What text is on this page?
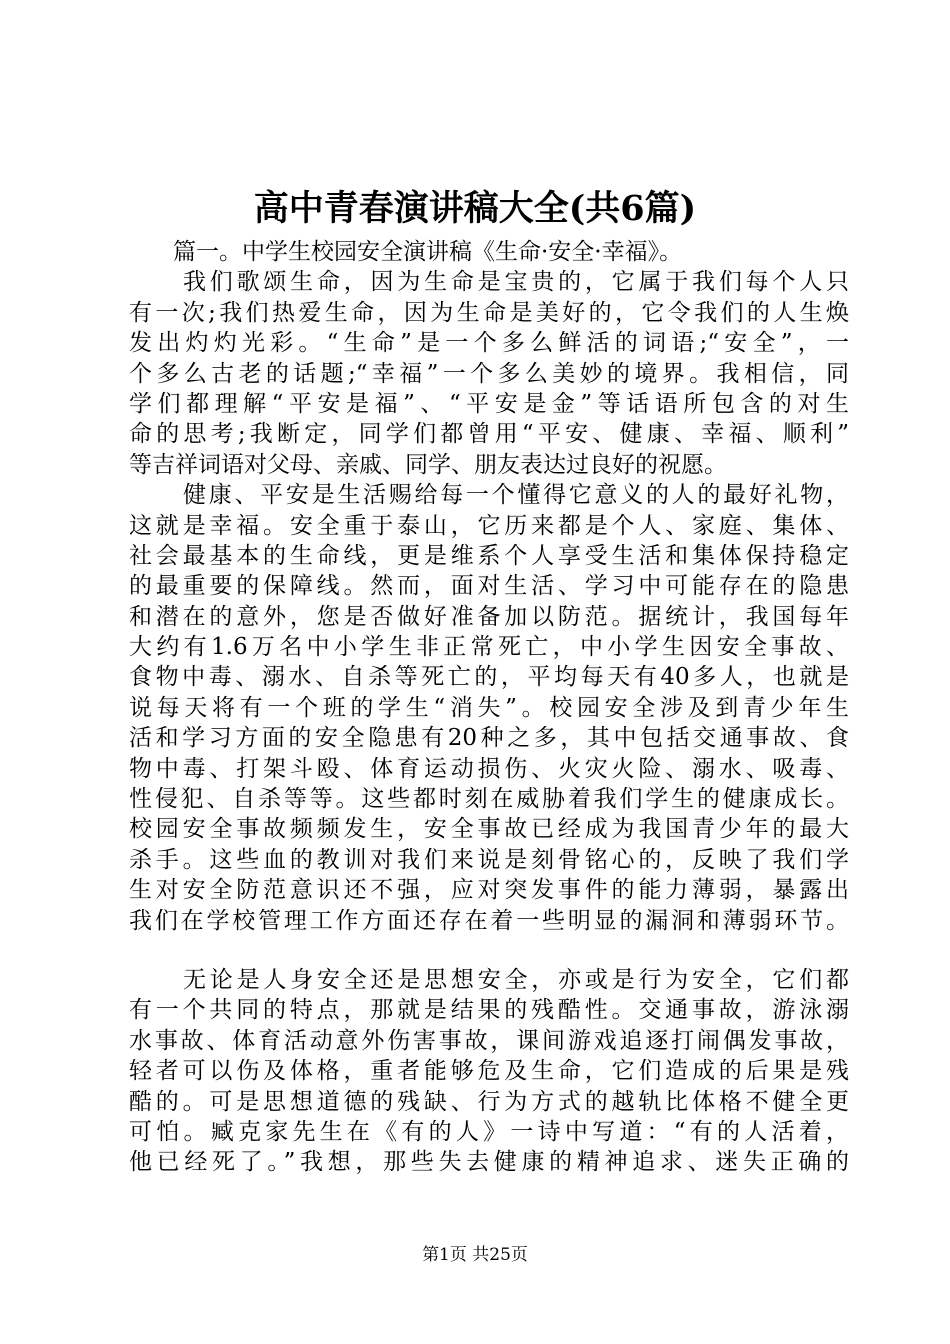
高中青春演讲稿大全(共6篇)
篇一。中学生校园安全演讲稿《生命·安全·幸福》。
我们歌颂生命，因为生命是宝贵的，它属于我们每个人只
有一次;我们热爱生命，因为生命是美好的，它令我们的人生焕
发出灼灼光彩。“生命”是一个多么鲜活的词语;“安全”，一
个多么古老的话题;“幸福”一个多么美妙的境界。我相信，同
学们都理解“平安是福”、“平安是金”等话语所包含的对生
命的思考;我断定，同学们都曾用“平安、健康、幸福、顺利”
等吉祥词语对父母、亲戚、同学、朋友表达过良好的祝愿。
健康、平安是生活赐给每一个懂得它意义的人的最好礼物，
这就是幸福。安全重于泰山，它历来都是个人、家庭、集体、
社会最基本的生命线，更是维系个人享受生活和集体保持稳定
的最重要的保障线。然而，面对生活、学习中可能存在的隐患
和潜在的意外，您是否做好准备加以防范。据统计，我国每年
大约有1.6万名中小学生非正常死亡，中小学生因安全事故、
食物中毒、溺水、自杀等死亡的，平均每天有40多人，也就是
说每天将有一个班的学生“消失”。校园安全涉及到青少年生
活和学习方面的安全隐患有20种之多，其中包括交通事故、食
物中毒、打架斗殴、体育运动损伤、火灾火险、溺水、吸毒、
性侵犯、自杀等等。这些都时刻在威胁着我们学生的健康成长。
校园安全事故频频发生，安全事故已经成为我国青少年的最大
杀手。这些血的教训对我们来说是刻骨铭心的，反映了我们学
生对安全防范意识还不强，应对突发事件的能力薄弱，暴露出
我们在学校管理工作方面还存在着一些明显的漏洞和薄弱环节。
无论是人身安全还是思想安全，亦或是行为安全，它们都
有一个共同的特点，那就是结果的残酷性。交通事故，游泳溺
水事故、体育活动意外伤害事故，课间游戏追逐打闹偶发事故，
轻者可以伤及体格，重者能够危及生命，它们造成的后果是残
酷的。可是思想道德的残缺、行为方式的越轨比体格不健全更
可怕。臧克家先生在《有的人》一诗中写道：“有的人活着，
他已经死了。”我想，那些失去健康的精神追求、迷失正确的
第1页 共25页
